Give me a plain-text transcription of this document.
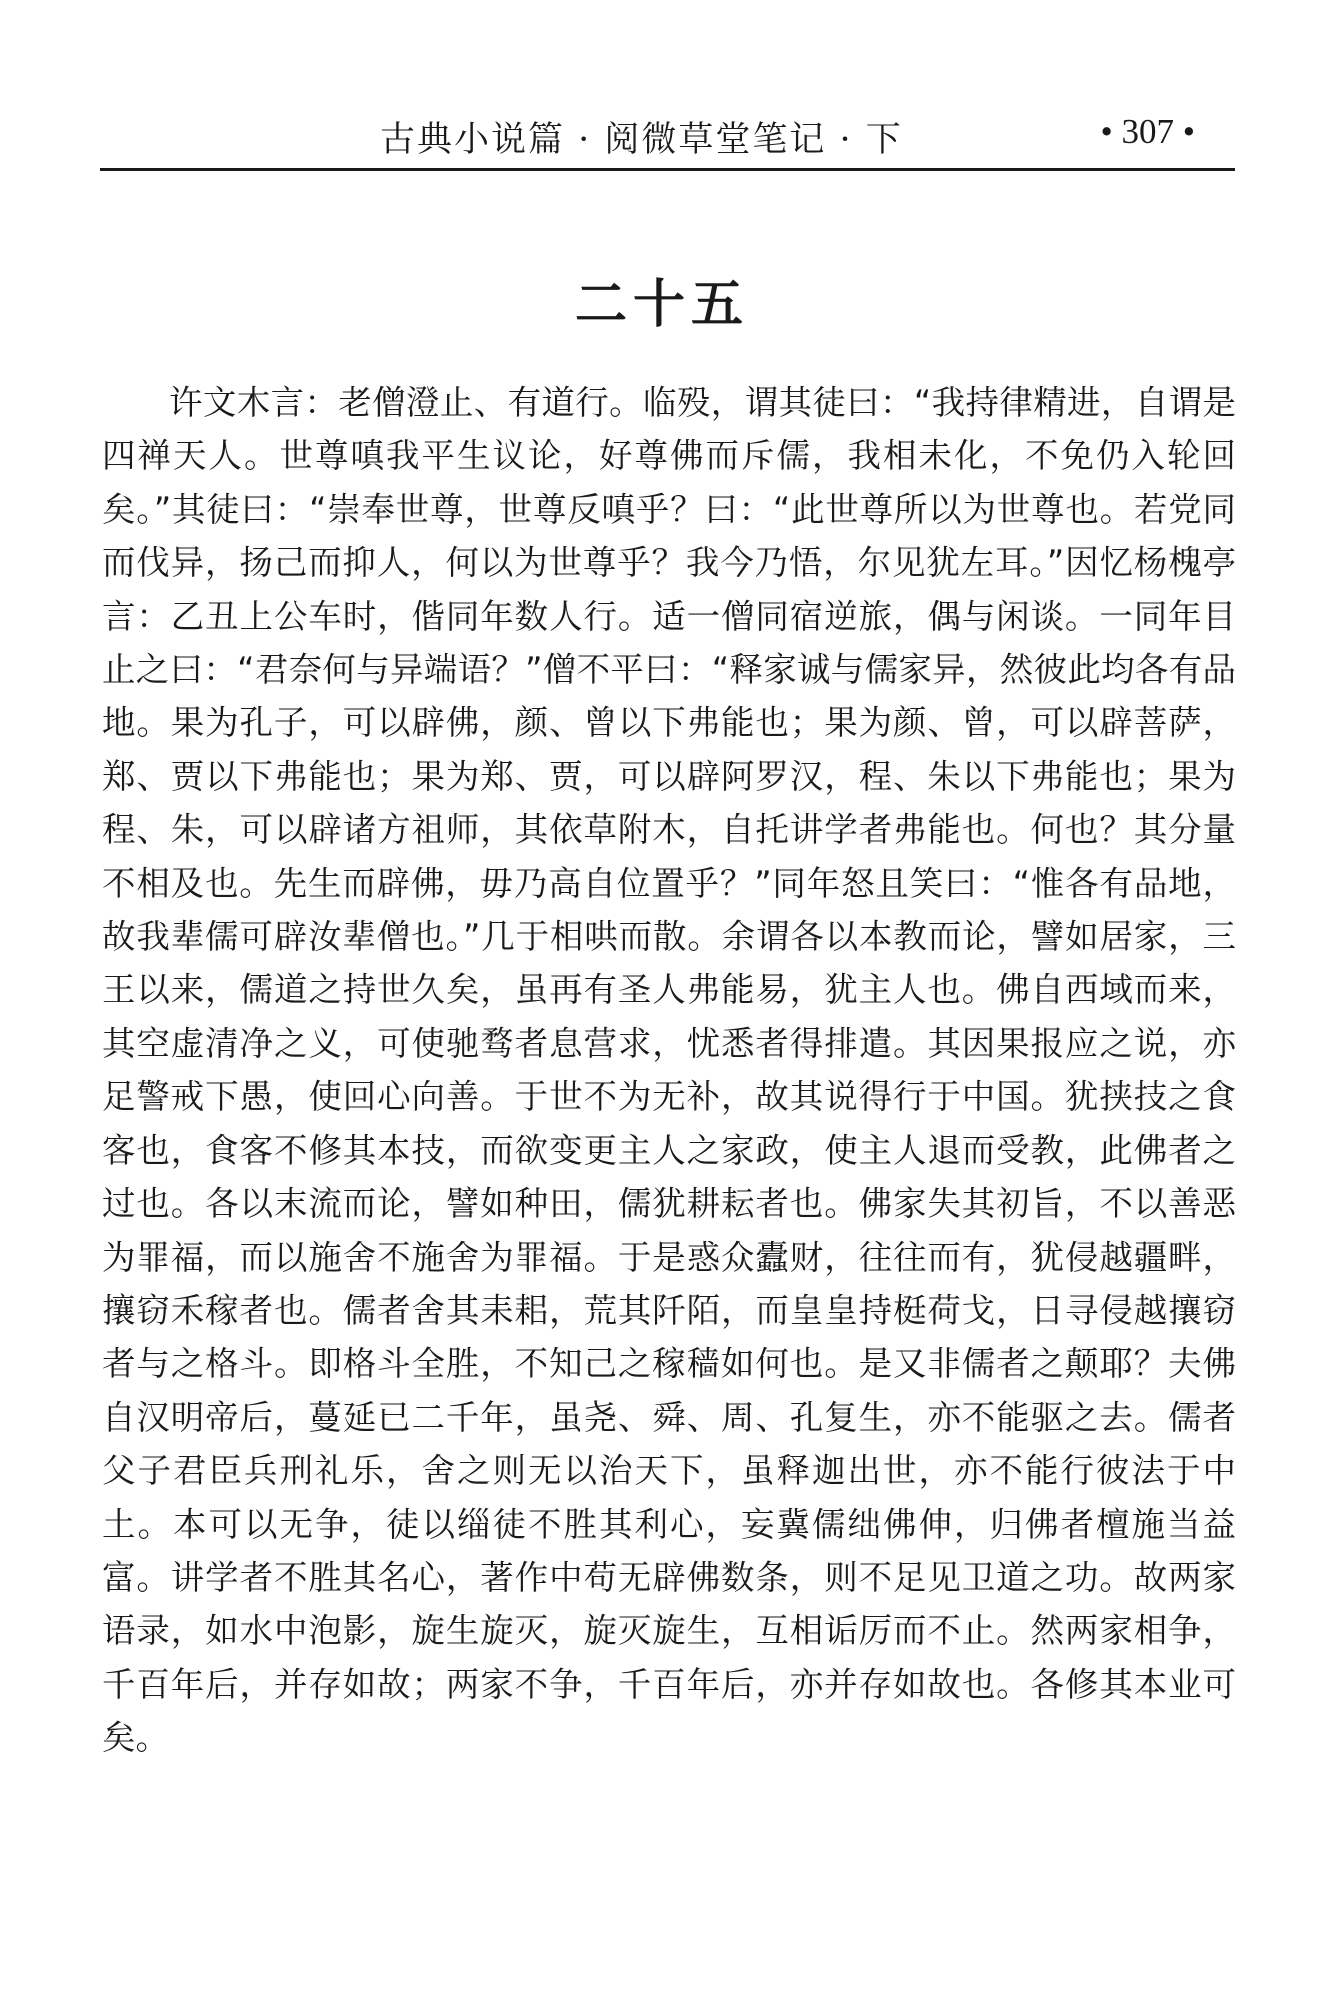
古典小说篇 · 阅微草堂笔记 · 下	• 307 •
二十五

许文木言：老僧澄止、有道行。临殁，谓其徒曰：“我持律精进，自谓是四禅天人。世尊嗔我平生议论，好尊佛而斥儒，我相未化，不免仍入轮回矣。”其徒曰：“崇奉世尊，世尊反嗔乎？曰：“此世尊所以为世尊也。若党同而伐异，扬己而抑人，何以为世尊乎？我今乃悟，尔见犹左耳。”因忆杨槐亭言：乙丑上公车时，偕同年数人行。适一僧同宿逆旅，偶与闲谈。一同年目止之曰：“君奈何与异端语？”僧不平曰：“释家诚与儒家异，然彼此均各有品地。果为孔子，可以辟佛，颜、曾以下弗能也；果为颜、曾，可以辟菩萨，郑、贾以下弗能也；果为郑、贾，可以辟阿罗汉，程、朱以下弗能也；果为程、朱，可以辟诸方祖师，其依草附木，自托讲学者弗能也。何也？其分量不相及也。先生而辟佛，毋乃高自位置乎？”同年怒且笑曰：“惟各有品地，故我辈儒可辟汝辈僧也。”几于相哄而散。余谓各以本教而论，譬如居家，三王以来，儒道之持世久矣，虽再有圣人弗能易，犹主人也。佛自西域而来，其空虚清净之义，可使驰骛者息营求，忧悉者得排遣。其因果报应之说，亦足警戒下愚，使回心向善。于世不为无补，故其说得行于中国。犹挟技之食客也，食客不修其本技，而欲变更主人之家政，使主人退而受教，此佛者之过也。各以末流而论，譬如种田，儒犹耕耘者也。佛家失其初旨，不以善恶为罪福，而以施舍不施舍为罪福。于是惑众蠹财，往往而有，犹侵越疆畔，攘窃禾稼者也。儒者舍其耒耜，荒其阡陌，而皇皇持梃荷戈，日寻侵越攘窃者与之格斗。即格斗全胜，不知己之稼穑如何也。是又非儒者之颠耶？夫佛自汉明帝后，蔓延已二千年，虽尧、舜、周、孔复生，亦不能驱之去。儒者父子君臣兵刑礼乐，舍之则无以治天下，虽释迦出世，亦不能行彼法于中土。本可以无争，徒以缁徒不胜其利心，妄冀儒绌佛伸，归佛者檀施当益富。讲学者不胜其名心，著作中苟无辟佛数条，则不足见卫道之功。故两家语录，如水中泡影，旋生旋灭，旋灭旋生，互相诟厉而不止。然两家相争，千百年后，并存如故；两家不争，千百年后，亦并存如故也。各修其本业可矣。
